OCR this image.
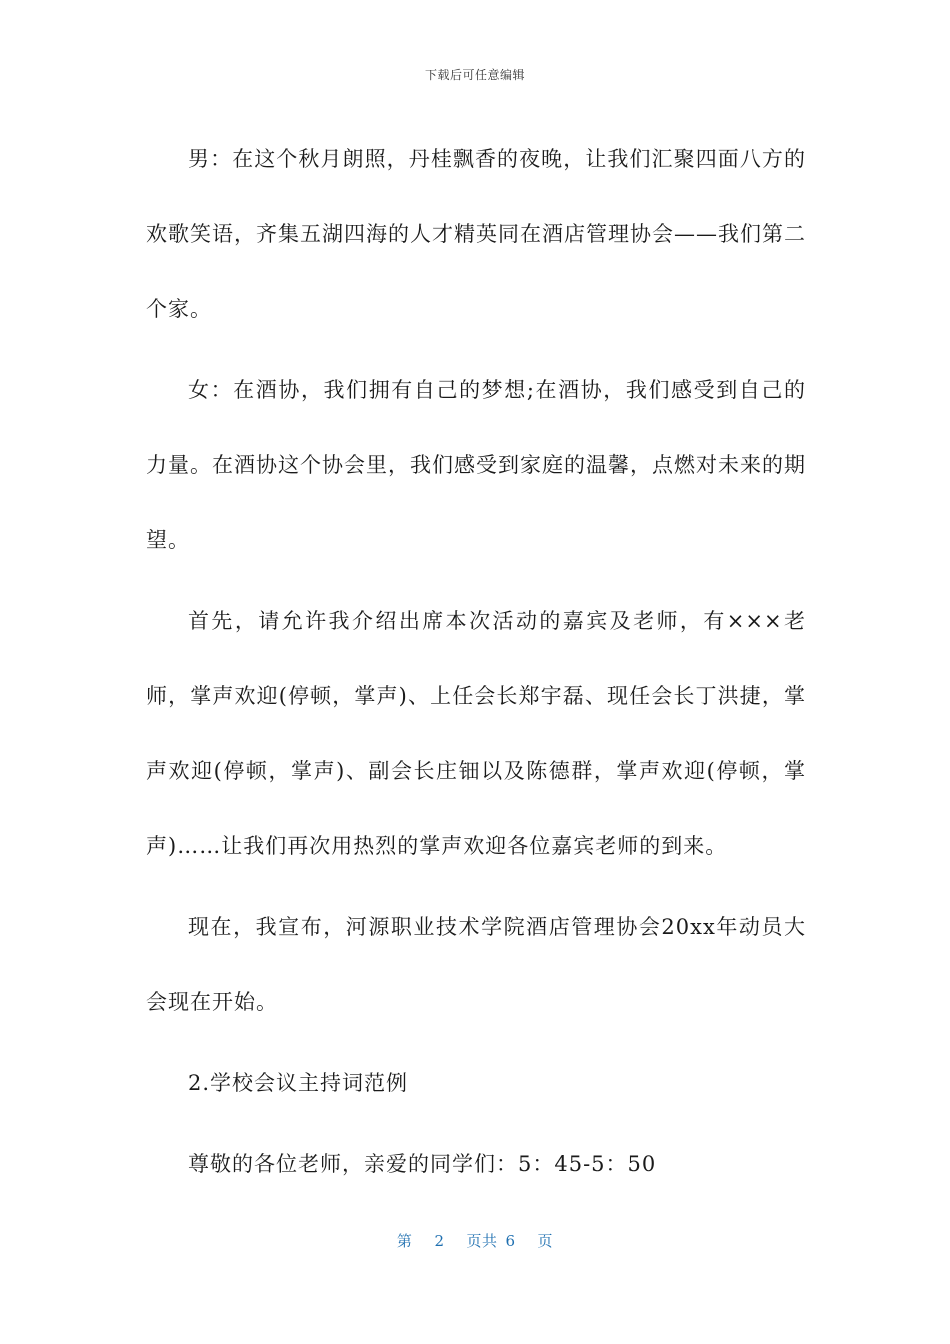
下载后可任意编辑

男：在这个秋月朗照，丹桂飘香的夜晚，让我们汇聚四面八方的欢歌笑语，齐集五湖四海的人才精英同在酒店管理协会——我们第二个家。

女：在酒协，我们拥有自己的梦想;在酒协，我们感受到自己的力量。在酒协这个协会里，我们感受到家庭的温馨，点燃对未来的期望。

首先，请允许我介绍出席本次活动的嘉宾及老师，有×××老师，掌声欢迎(停顿，掌声)、上任会长郑宇磊、现任会长丁洪捷，掌声欢迎(停顿，掌声)、副会长庄钿以及陈德群，掌声欢迎(停顿，掌声)……让我们再次用热烈的掌声欢迎各位嘉宾老师的到来。

现在，我宣布，河源职业技术学院酒店管理协会20xx年动员大会现在开始。

2.学校会议主持词范例

尊敬的各位老师，亲爱的同学们：5：45-5：50

第 2 页共 6 页
